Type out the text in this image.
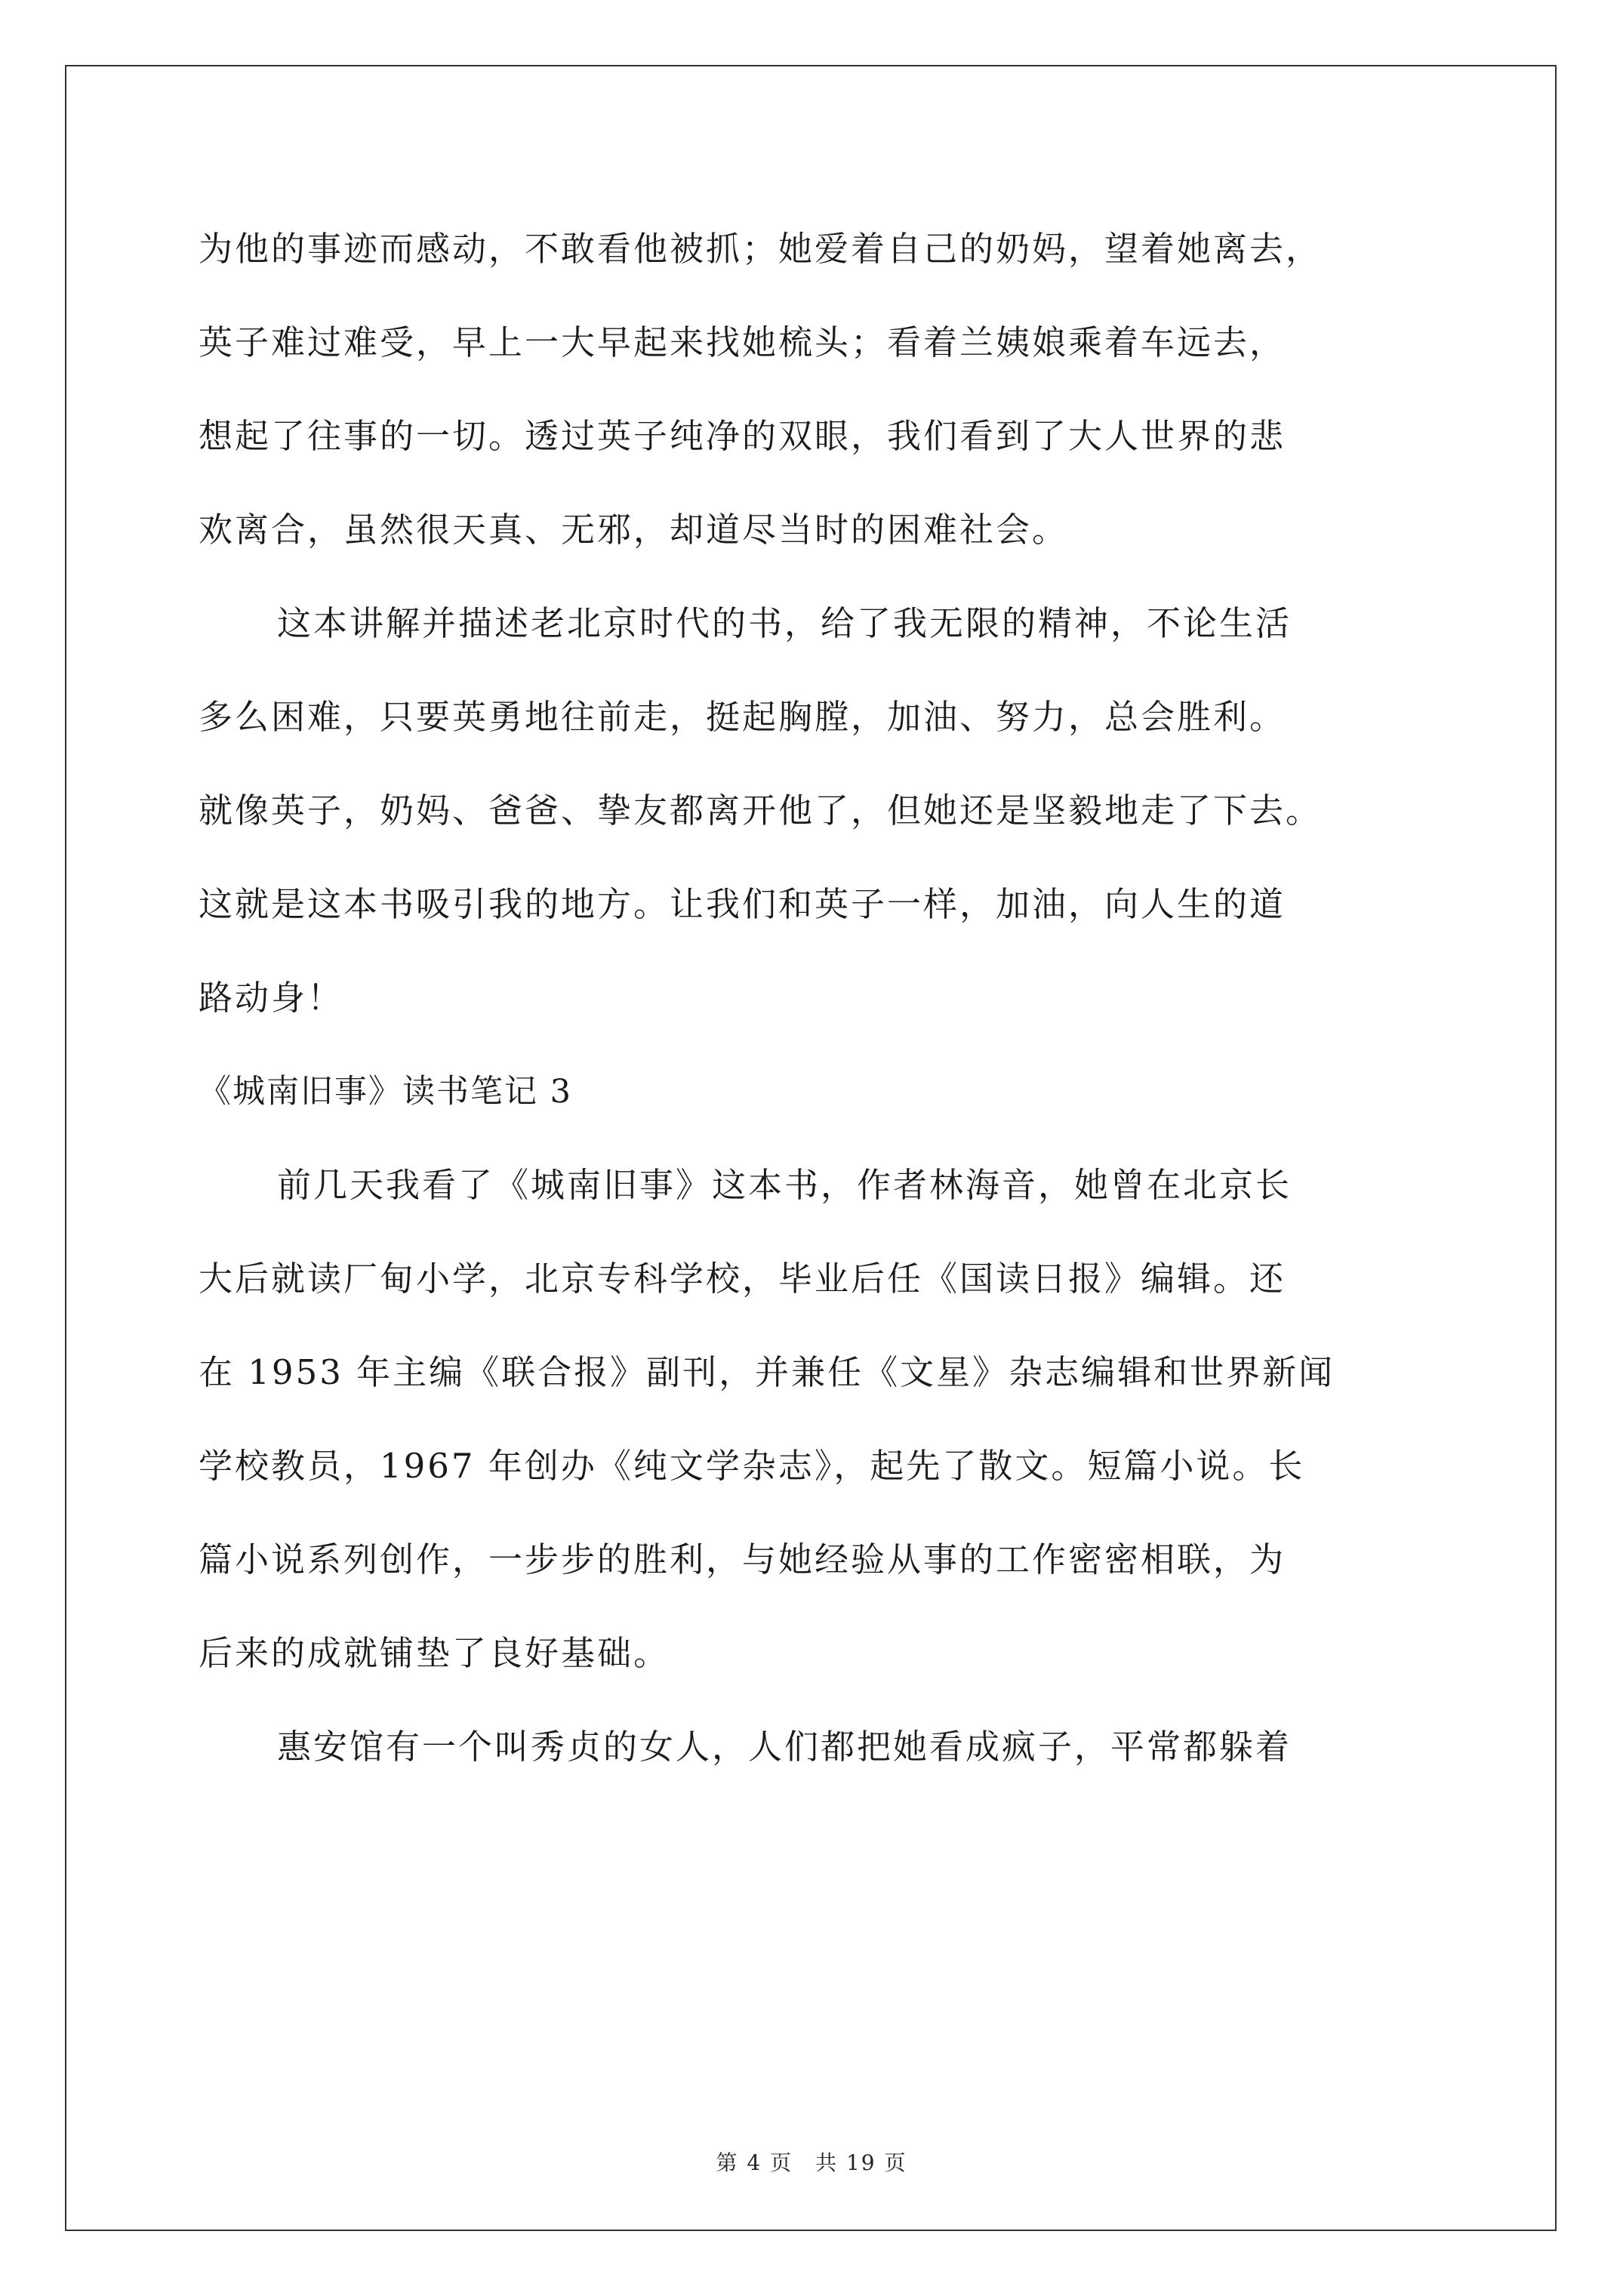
为他的事迹而感动，不敢看他被抓；她爱着自己的奶妈，望着她离去，
英子难过难受，早上一大早起来找她梳头；看着兰姨娘乘着车远去，
想起了往事的一切。透过英子纯净的双眼，我们看到了大人世界的悲
欢离合，虽然很天真、无邪，却道尽当时的困难社会。
这本讲解并描述老北京时代的书，给了我无限的精神，不论生活
多么困难，只要英勇地往前走，挺起胸膛，加油、努力，总会胜利。
就像英子，奶妈、爸爸、挚友都离开他了，但她还是坚毅地走了下去。
这就是这本书吸引我的地方。让我们和英子一样，加油，向人生的道
路动身！
《城南旧事》读书笔记 3
前几天我看了《城南旧事》这本书，作者林海音，她曾在北京长
大后就读厂甸小学，北京专科学校，毕业后任《国读日报》编辑。还
在 1953 年主编《联合报》副刊，并兼任《文星》杂志编辑和世界新闻
学校教员，1967 年创办《纯文学杂志》，起先了散文。短篇小说。长
篇小说系列创作，一步步的胜利，与她经验从事的工作密密相联，为
后来的成就铺垫了良好基础。
惠安馆有一个叫秀贞的女人，人们都把她看成疯子，平常都躲着
第 4 页　共 19 页
